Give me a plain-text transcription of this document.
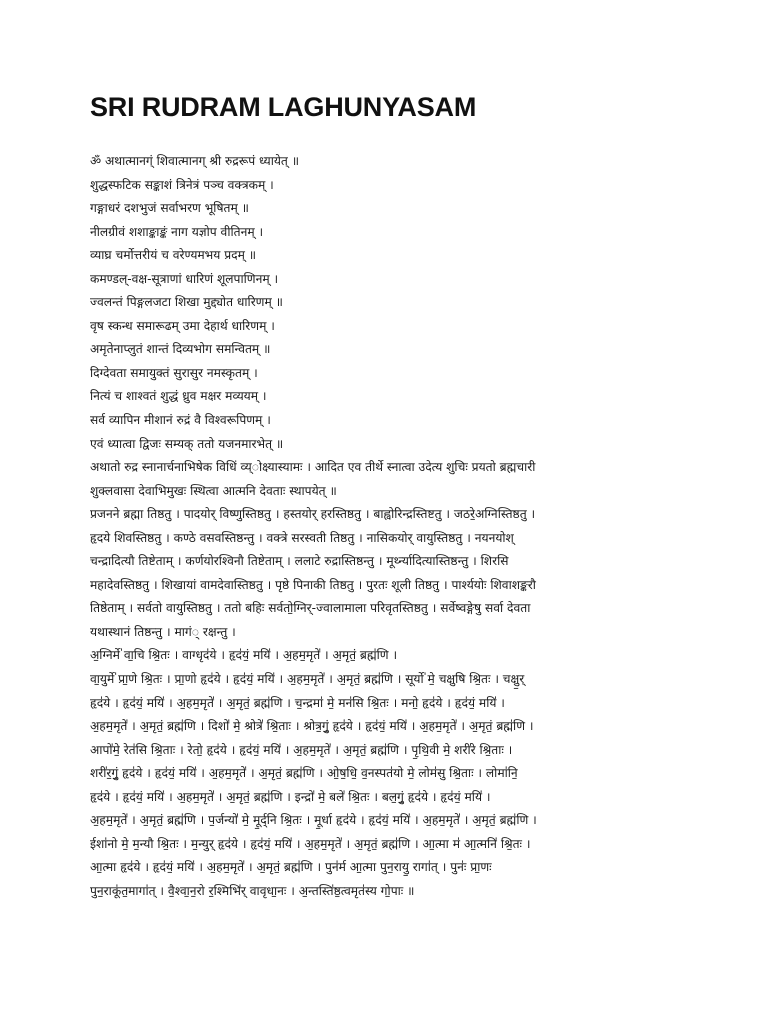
SRI RUDRAM LAGHUNYASAM
ॐ अथात्मानग्ं शिवात्मानग् श्री रुद्ररूपं ध्यायेत् ॥
शुद्धस्फटिक सङ्काशं त्रिनेत्रं पञ्च वक्त्रकम् ।
गङ्गाधरं दशभुजं सर्वाभरण भूषितम् ॥
नीलग्रीवं शशाङ्काङ्कं नाग यज्ञोप वीतिनम् ।
व्याघ्र चर्मोत्तरीयं च वरेण्यमभय प्रदम् ॥
कमण्डल्-वक्ष-सूत्राणां धारिणं शूलपाणिनम् ।
ज्वलन्तं पिङ्गलजटा शिखा मुद्द्योत धारिणम् ॥
वृष स्कन्ध समारूढम् उमा देहार्थ धारिणम् ।
अमृतेनाप्लुतं शान्तं दिव्यभोग समन्वितम् ॥
दिग्देवता समायुक्तं सुरासुर नमस्कृतम् ।
नित्यं च शाश्वतं शुद्धं ध्रुव मक्षर मव्ययम् ।
सर्व व्यापिन मीशानं रुद्रं वै विश्वरूपिणम् ।
एवं ध्यात्वा द्विजः सम्यक् ततो यजनमारभेत् ॥
अथातो रुद्र स्नानार्चनाभिषेक विधिं व्य्ोक्ष्यास्यामः । आदित एव तीर्थे स्नात्वा उदेत्य शुचिः प्रयतो ब्रह्मचारी
शुक्लवासा देवाभिमुखः स्थित्वा आत्मनि देवताः स्थापयेत् ॥
प्रजनने ब्रह्मा तिष्ठतु । पादयोर् विष्णुस्तिष्ठतु । हस्तयोर् हरस्तिष्ठतु । बाह्वोरिन्द्रस्तिष्टतु । जठरे॒अग्निस्तिष्ठतु ।
हृदये शिवस्तिष्ठतु । कण्ठे वसवस्तिष्ठन्तु । वक्त्रे सरस्वती तिष्ठतु । नासिकयोर् वायुस्तिष्ठतु । नयनयोश्
चन्द्रादित्यौ तिष्टेताम् । कर्णयोरश्विनौ तिष्टेताम् । ललाटे रुद्रास्तिष्ठन्तु । मूर्थ्न्यादित्यास्तिष्ठन्तु । शिरसि
महादेवस्तिष्ठतु । शिखायां वामदेवास्तिष्ठतु । पृष्ठे पिनाकी तिष्ठतु । पुरतः शूली तिष्ठतु । पार्श्ययोः शिवाशङ्करौ
तिष्ठेताम् । सर्वतो वायुस्तिष्ठतु । ततो बहिः सर्वतो॒ग्निर्-ज्वालामाला परिवृतस्तिष्ठतु । सर्वेष्वङ्गेषु सर्वा देवता
यथास्थानं तिष्ठन्तु । मागं् रक्षन्तु ।
अ॒ग्निर्मे॑ वा॒चि श्रि॒तः । वाग्धृद॑ये । हृद॑यं॒ मयि॑ । अ॒हम॒मृते॑ । अ॒मृतं॒ ब्रह्म॑णि ।
वा॒युर्मे॑ प्रा॒णे श्रि॒तः । प्रा॒णो हृद॑ये । हृद॑यं॒ मयि॑ । अ॒हम॒मृते॑ । अ॒मृतं॒ ब्रह्म॑णि । सूर्यो॑ मे॒ चक्षुषि श्रि॒तः । चक्षु॒र्
हृद॑ये । हृद॑यं॒ मयि॑ । अ॒हम॒मृते॑ । अ॒मृतं॒ ब्रह्म॑णि । च॒न्द्रमा॑ मे॒ मन॑सि श्रि॒तः । मनो॒ हृद॑ये । हृद॑यं॒ मयि॑ ।
अ॒हम॒मृते॑ । अ॒मृतं॒ ब्रह्म॑णि । दिशो॑ मे॒ श्रोत्रे॑ श्रि॒ताः । श्रोत्र॒गुं॒ हृद॑ये । हृद॑यं॒ मयि॑ । अ॒हम॒मृते॑ । अ॒मृतं॒ ब्रह्म॑णि ।
आपो॑मे॒ रेत॑सि श्रि॒ताः । रेतो॒ हृद॑ये । हृद॑यं॒ मयि॑ । अ॒हम॒मृते॑ । अ॒मृतं॒ ब्रह्म॑णि । पृ॒थि॒वी मे॒ शरी॑रे श्रि॒ताः ।
शरी॑र॒गुं॒ हृद॑ये । हृद॑यं॒ मयि॑ । अ॒हम॒मृते॑ । अ॒मृतं॒ ब्रह्म॑णि । ओ॒ष॒धि॒ व॒नस्पत॑यो मे॒ लोम॑सु श्रि॒ताः । लोमा॑नि॒
हृद॑ये । हृद॑यं॒ मयि॑ । अ॒हम॒मृते॑ । अ॒मृतं॒ ब्रह्म॑णि । इन्द्रो॑ मे॒ बले॑ श्रि॒तः । बल॒गुं॒ हृद॑ये । हृद॑यं॒ मयि॑ ।
अ॒हम॒मृते॑ । अ॒मृतं॒ ब्रह्म॑णि । प॒र्जन्यो॑ मे॒ मू॒र्द्नि श्रि॒तः । मू॒र्धा हृद॑ये । हृद॑यं॒ मयि॑ । अ॒हम॒मृते॑ । अ॒मृतं॒ ब्रह्म॑णि ।
ईशा॑नो मे॒ म॒न्यौ श्रि॒तः । म॒न्युर् हृद॑ये । हृद॑यं॒ मयि॑ । अ॒हम॒मृते॑ । अ॒मृतं॒ ब्रह्म॑णि । आ॒त्मा म॑ आ॒त्मनि॑ श्रि॒तः ।
आ॒त्मा हृद॑ये । हृद॑यं॒ मयि॑ । अ॒हम॒मृते॑ । अ॒मृतं॒ ब्रह्म॑णि । पुन॑र्म आ॒त्मा पुन॒रायु॒ रागा॑त् । पुनः॑ प्रा॒णः
पुन॒राकू॑त॒मागा॑त् । वै॒श्वा॒न॒रो र॒श्मिभि॑र् वावृधा॒नः । अ॒न्तस्ति॑ष्ठ॒त्वमृत॑स्य गो॒पाः ॥
